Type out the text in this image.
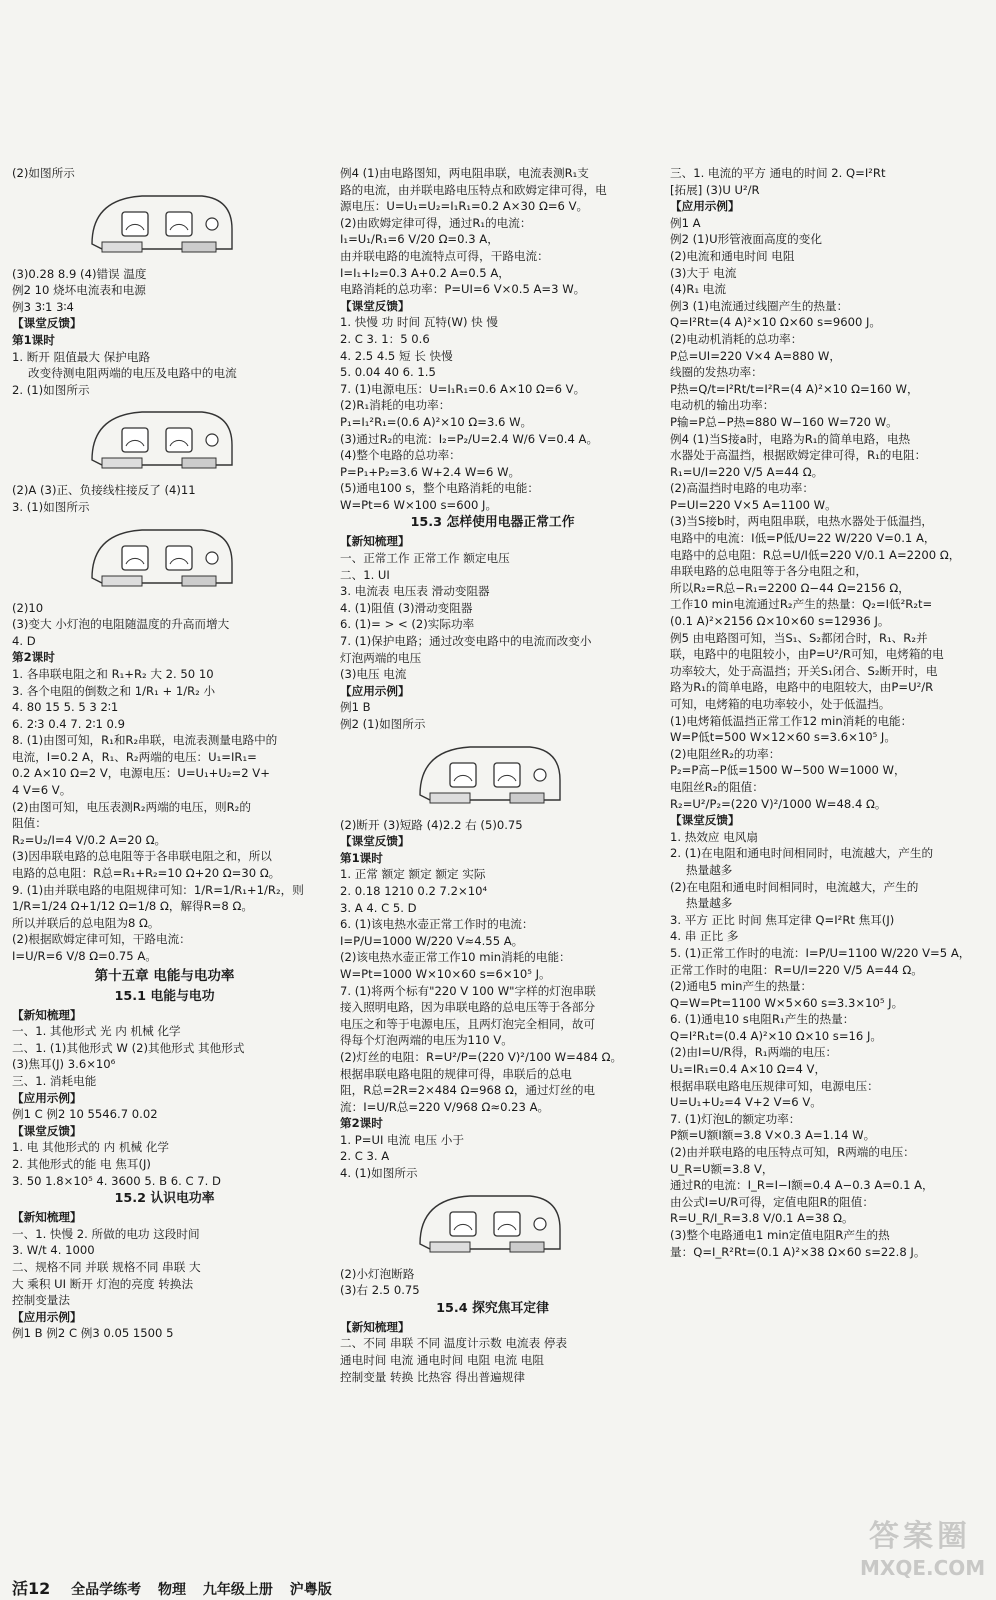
(2)如图所示
(3)0.28 8.9 (4)错误 温度
例2 10 烧坏电流表和电源
例3 3∶1 3∶4
【课堂反馈】
第1课时
1. 断开 阻值最大 保护电路
改变待测电阻两端的电压及电路中的电流
2. (1)如图所示
(2)A (3)正、负接线柱接反了 (4)11
3. (1)如图所示
(2)10
(3)变大 小灯泡的电阻随温度的升高而增大
4. D
第2课时
1. 各串联电阻之和 R₁+R₂ 大 2. 50 10
3. 各个电阻的倒数之和 1/R₁ + 1/R₂ 小
4. 80 15 5. 5 3 2∶1
6. 2∶3 0.4 7. 2∶1 0.9
8. (1)由图可知，R₁和R₂串联，电流表测量电路中的
电流，I=0.2 A，R₁、R₂两端的电压：U₁=IR₁=
0.2 A×10 Ω=2 V，电源电压：U=U₁+U₂=2 V+
4 V=6 V。
(2)由图可知，电压表测R₂两端的电压，则R₂的
阻值：
R₂=U₂/I=4 V/0.2 A=20 Ω。
(3)因串联电路的总电阻等于各串联电阻之和，所以
电路的总电阻：R总=R₁+R₂=10 Ω+20 Ω=30 Ω。
9. (1)由并联电路的电阻规律可知：1/R=1/R₁+1/R₂，则
1/R=1/24 Ω+1/12 Ω=1/8 Ω，解得R=8 Ω。
所以并联后的总电阻为8 Ω。
(2)根据欧姆定律可知，干路电流：
I=U/R=6 V/8 Ω=0.75 A。
第十五章 电能与电功率
15.1 电能与电功
【新知梳理】
一、1. 其他形式 光 内 机械 化学
二、1. (1)其他形式 W (2)其他形式 其他形式
(3)焦耳(J) 3.6×10⁶
三、1. 消耗电能
【应用示例】
例1 C 例2 10 5546.7 0.02
【课堂反馈】
1. 电 其他形式的 内 机械 化学
2. 其他形式的能 电 焦耳(J)
3. 50 1.8×10⁵ 4. 3600 5. B 6. C 7. D
15.2 认识电功率
【新知梳理】
一、1. 快慢 2. 所做的电功 这段时间
3. W/t 4. 1000
二、规格不同 并联 规格不同 串联 大
大 乘积 UI 断开 灯泡的亮度 转换法
控制变量法
【应用示例】
例1 B 例2 C 例3 0.05 1500 5
例4 (1)由电路图知，两电阻串联，电流表测R₁支
路的电流，由并联电路电压特点和欧姆定律可得，电
源电压：U=U₁=U₂=I₁R₁=0.2 A×30 Ω=6 V。
(2)由欧姆定律可得，通过R₁的电流：
I₁=U₁/R₁=6 V/20 Ω=0.3 A，
由并联电路的电流特点可得，干路电流：
I=I₁+I₂=0.3 A+0.2 A=0.5 A，
电路消耗的总功率：P=UI=6 V×0.5 A=3 W。
【课堂反馈】
1. 快慢 功 时间 瓦特(W) 快 慢
2. C 3. 1：5 0.6
4. 2.5 4.5 短 长 快慢
5. 0.04 40 6. 1.5
7. (1)电源电压：U=I₁R₁=0.6 A×10 Ω=6 V。
(2)R₁消耗的电功率：
P₁=I₁²R₁=(0.6 A)²×10 Ω=3.6 W。
(3)通过R₂的电流：I₂=P₂/U=2.4 W/6 V=0.4 A。
(4)整个电路的总功率：
P=P₁+P₂=3.6 W+2.4 W=6 W。
(5)通电100 s，整个电路消耗的电能：
W=Pt=6 W×100 s=600 J。
15.3 怎样使用电器正常工作
【新知梳理】
一、正常工作 正常工作 额定电压
二、1. UI
3. 电流表 电压表 滑动变阻器
4. (1)阻值 (3)滑动变阻器
6. (1)= > < (2)实际功率
7. (1)保护电路；通过改变电路中的电流而改变小
灯泡两端的电压
(3)电压 电流
【应用示例】
例1 B
例2 (1)如图所示
(2)断开 (3)短路 (4)2.2 右 (5)0.75
【课堂反馈】
第1课时
1. 正常 额定 额定 额定 实际
2. 0.18 1210 0.2 7.2×10⁴
3. A 4. C 5. D
6. (1)该电热水壶正常工作时的电流：
I=P/U=1000 W/220 V≈4.55 A。
(2)该电热水壶正常工作10 min消耗的电能：
W=Pt=1000 W×10×60 s=6×10⁵ J。
7. (1)将两个标有"220 V 100 W"字样的灯泡串联
接入照明电路，因为串联电路的总电压等于各部分
电压之和等于电源电压，且两灯泡完全相同，故可
得每个灯泡两端的电压为110 V。
(2)灯丝的电阻：R=U²/P=(220 V)²/100 W=484 Ω。
根据串联电路电阻的规律可得，串联后的总电
阻，R总=2R=2×484 Ω=968 Ω，通过灯丝的电
流：I=U/R总=220 V/968 Ω≈0.23 A。
第2课时
1. P=UI 电流 电压 小于
2. C 3. A
4. (1)如图所示
(2)小灯泡断路
(3)右 2.5 0.75
15.4 探究焦耳定律
【新知梳理】
二、不同 串联 不同 温度计示数 电流表 停表
通电时间 电流 通电时间 电阻 电流 电阻
控制变量 转换 比热容 得出普遍规律
三、1. 电流的平方 通电的时间 2. Q=I²Rt
[拓展] (3)U U²/R
【应用示例】
例1 A
例2 (1)U形管液面高度的变化
(2)电流和通电时间 电阻
(3)大于 电流
(4)R₁ 电流
例3 (1)电流通过线圈产生的热量：
Q=I²Rt=(4 A)²×10 Ω×60 s=9600 J。
(2)电动机消耗的总功率：
P总=UI=220 V×4 A=880 W，
线圈的发热功率：
P热=Q/t=I²Rt/t=I²R=(4 A)²×10 Ω=160 W，
电动机的输出功率：
P输=P总−P热=880 W−160 W=720 W。
例4 (1)当S接a时，电路为R₁的简单电路，电热
水器处于高温挡，根据欧姆定律可得，R₁的电阻：
R₁=U/I=220 V/5 A=44 Ω。
(2)高温挡时电路的电功率：
P=UI=220 V×5 A=1100 W。
(3)当S接b时，两电阻串联，电热水器处于低温挡，
电路中的电流：I低=P低/U=22 W/220 V=0.1 A，
电路中的总电阻：R总=U/I低=220 V/0.1 A=2200 Ω，
串联电路的总电阻等于各分电阻之和，
所以R₂=R总−R₁=2200 Ω−44 Ω=2156 Ω，
工作10 min电流通过R₂产生的热量：Q₂=I低²R₂t=
(0.1 A)²×2156 Ω×10×60 s=12936 J。
例5 由电路图可知，当S₁、S₂都闭合时，R₁、R₂并
联，电路中的电阻较小，由P=U²/R可知，电烤箱的电
功率较大，处于高温挡；开关S₁闭合、S₂断开时，电
路为R₁的简单电路，电路中的电阻较大，由P=U²/R
可知，电烤箱的电功率较小，处于低温挡。
(1)电烤箱低温挡正常工作12 min消耗的电能：
W=P低t=500 W×12×60 s=3.6×10⁵ J。
(2)电阻丝R₂的功率：
P₂=P高−P低=1500 W−500 W=1000 W，
电阻丝R₂的阻值：
R₂=U²/P₂=(220 V)²/1000 W=48.4 Ω。
【课堂反馈】
1. 热效应 电风扇
2. (1)在电阻和通电时间相同时，电流越大，产生的
热量越多
(2)在电阻和通电时间相同时，电流越大，产生的
热量越多
3. 平方 正比 时间 焦耳定律 Q=I²Rt 焦耳(J)
4. 串 正比 多
5. (1)正常工作时的电流：I=P/U=1100 W/220 V=5 A，
正常工作时的电阻：R=U/I=220 V/5 A=44 Ω。
(2)通电5 min产生的热量：
Q=W=Pt=1100 W×5×60 s=3.3×10⁵ J。
6. (1)通电10 s电阻R₁产生的热量：
Q=I²R₁t=(0.4 A)²×10 Ω×10 s=16 J。
(2)由I=U/R得，R₁两端的电压：
U₁=IR₁=0.4 A×10 Ω=4 V，
根据串联电路电压规律可知，电源电压：
U=U₁+U₂=4 V+2 V=6 V。
7. (1)灯泡L的额定功率：
P额=U额I额=3.8 V×0.3 A=1.14 W。
(2)由并联电路的电压特点可知，R两端的电压：
U_R=U额=3.8 V，
通过R的电流：I_R=I−I额=0.4 A−0.3 A=0.1 A，
由公式I=U/R可得，定值电阻R的阻值：
R=U_R/I_R=3.8 V/0.1 A=38 Ω。
(3)整个电路通电1 min定值电阻R产生的热
量：Q=I_R²Rt=(0.1 A)²×38 Ω×60 s=22.8 J。
活12 全品学练考 物理 九年级上册 沪粤版
答案圈
MXQE.COM
